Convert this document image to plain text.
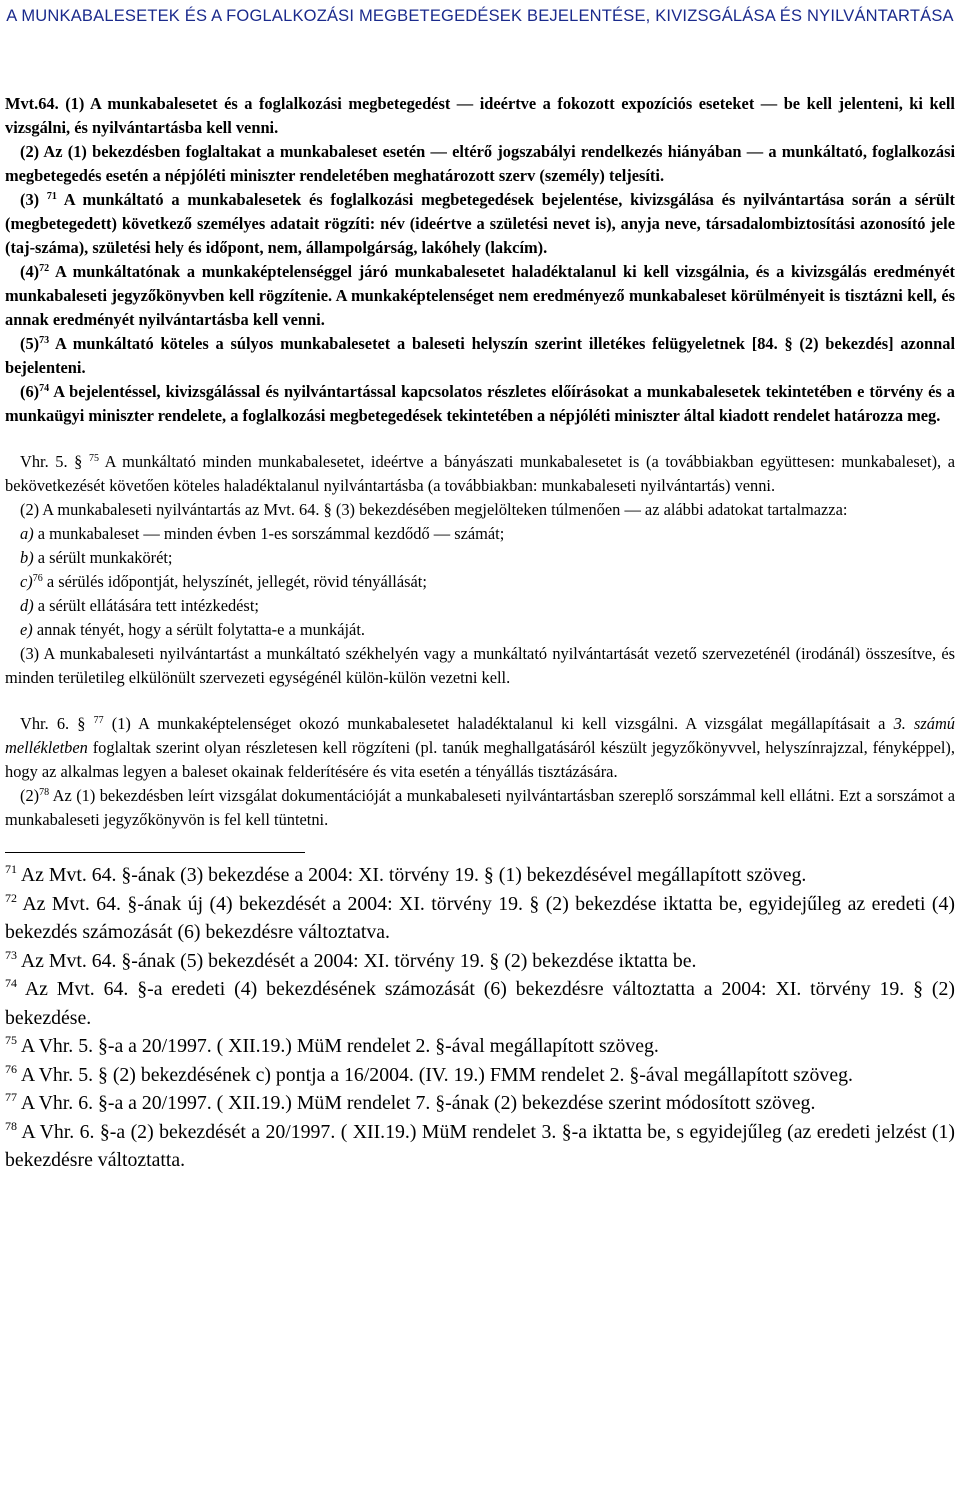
A MUNKABALESETEK ÉS A FOGLALKOZÁSI MEGBETEGEDÉSEK BEJELENTÉSE, KIVIZSGÁLÁSA ÉS NYILVÁNTARTÁSA

Mvt.64. (1) A munkabalesetet és a foglalkozási megbetegedést — ideértve a fokozott expozíciós eseteket — be kell jelenteni, ki kell vizsgálni, és nyilvántartásba kell venni.

(2) Az (1) bekezdésben foglaltakat a munkabaleset esetén — eltérő jogszabályi rendelkezés hiányában — a munkáltató, foglalkozási megbetegedés esetén a népjóléti miniszter rendeletében meghatározott szerv (személy) teljesíti.

(3) $^{71}$ A munkáltató a munkabalesetek és foglalkozási megbetegedések bejelentése, kivizsgálása és nyilvántartása során a sérült (megbetegedett) következő személyes adatait rögzíti: név (ideértve a születési nevet is), anyja neve, társadalombiztosítási azonosító jele (taj-száma), születési hely és időpont, nem, állampolgárság, lakóhely (lakcím).

$(4)^{72}$ A munkáltatónak a munkaképtelenséggel járó munkabalesetet haladéktalanul ki kell vizsgálnia, és a kivizsgálás eredményét munkabaleseti jegyzőkönyvben kell rögzítenie. A munkaképtelenséget nem eredményező munkabaleset körülményeit is tisztázni kell, és annak eredményét nyilvántartásba kell venni.

$(5)^{73}$ A munkáltató köteles a súlyos munkabalesetet a baleseti helyszín szerint illetékes felügyeletnek [84. § (2) bekezdés] azonnal bejelenteni.

$(6)^{74}$ A bejelentéssel, kivizsgálással és nyilvántartással kapcsolatos részletes előírásokat a munkabalesetek tekintetében e törvény és a munkaügyi miniszter rendelete, a foglalkozási megbetegedések tekintetében a népjóléti miniszter által kiadott rendelet határozza meg.

Vhr. 5. § $^{75}$ A munkáltató minden munkabalesetet, ideértve a bányászati munkabalesetet is (a továbbiakban együttesen: munkabaleset), a bekövetkezését követően köteles haladéktalanul nyilvántartásba (a továbbiakban: munkabaleseti nyilvántartás) venni.

(2) A munkabaleseti nyilvántartás az Mvt. 64. § (3) bekezdésében megjelölteken túlmenően — az alábbi adatokat tartalmazza:

a) a munkabaleset — minden évben 1-es sorszámmal kezdődő — számát;

b) a sérült munkakörét;

c)$^{76}$ a sérülés időpontját, helyszínét, jellegét, rövid tényállását;

d) a sérült ellátására tett intézkedést;

e) annak tényét, hogy a sérült folytatta-e a munkáját.

(3) A munkabaleseti nyilvántartást a munkáltató székhelyén vagy a munkáltató nyilvántartását vezető szervezeténél (irodánál) összesítve, és minden területileg elkülönült szervezeti egységénél külön-külön vezetni kell.

Vhr. 6. § $^{77}$ (1) A munkaképtelenséget okozó munkabalesetet haladéktalanul ki kell vizsgálni. A vizsgálat megállapításait a 3. számú mellékletben foglaltak szerint olyan részletesen kell rögzíteni (pl. tanúk meghallgatásáról készült jegyzőkönyvvel, helyszínrajzzal, fényképpel), hogy az alkalmas legyen a baleset okainak felderítésére és vita esetén a tényállás tisztázására.

$(2)^{78}$ Az (1) bekezdésben leírt vizsgálat dokumentációját a munkabaleseti nyilvántartásban szereplő sorszámmal kell ellátni. Ezt a sorszámot a munkabaleseti jegyzőkönyvön is fel kell tüntetni.

$^{71}$ Az Mvt. 64. §-ának (3) bekezdése a 2004: XI. törvény 19. § (1) bekezdésével megállapított szöveg.

$^{72}$ Az Mvt. 64. §-ának új (4) bekezdését a 2004: XI. törvény 19. § (2) bekezdése iktatta be, egyidejűleg az eredeti (4) bekezdés számozását (6) bekezdésre változtatva.

$^{73}$ Az Mvt. 64. §-ának (5) bekezdését a 2004: XI. törvény 19. § (2) bekezdése iktatta be.

$^{74}$ Az Mvt. 64. §-a eredeti (4) bekezdésének számozását (6) bekezdésre változtatta a 2004: XI. törvény 19. § (2) bekezdése.

$^{75}$ A Vhr. 5. §-a a 20/1997. ( XII.19.) MüM rendelet 2. §-ával megállapított szöveg.

$^{76}$ A Vhr. 5. § (2) bekezdésének c) pontja a 16/2004. (IV. 19.) FMM rendelet 2. §-ával megállapított szöveg.

$^{77}$ A Vhr. 6. §-a a 20/1997. ( XII.19.) MüM rendelet 7. §-ának (2) bekezdése szerint módosított szöveg.

$^{78}$ A Vhr. 6. §-a (2) bekezdését a 20/1997. ( XII.19.) MüM rendelet 3. §-a iktatta be, s egyidejűleg (az eredeti jelzést (1) bekezdésre változtatta.
